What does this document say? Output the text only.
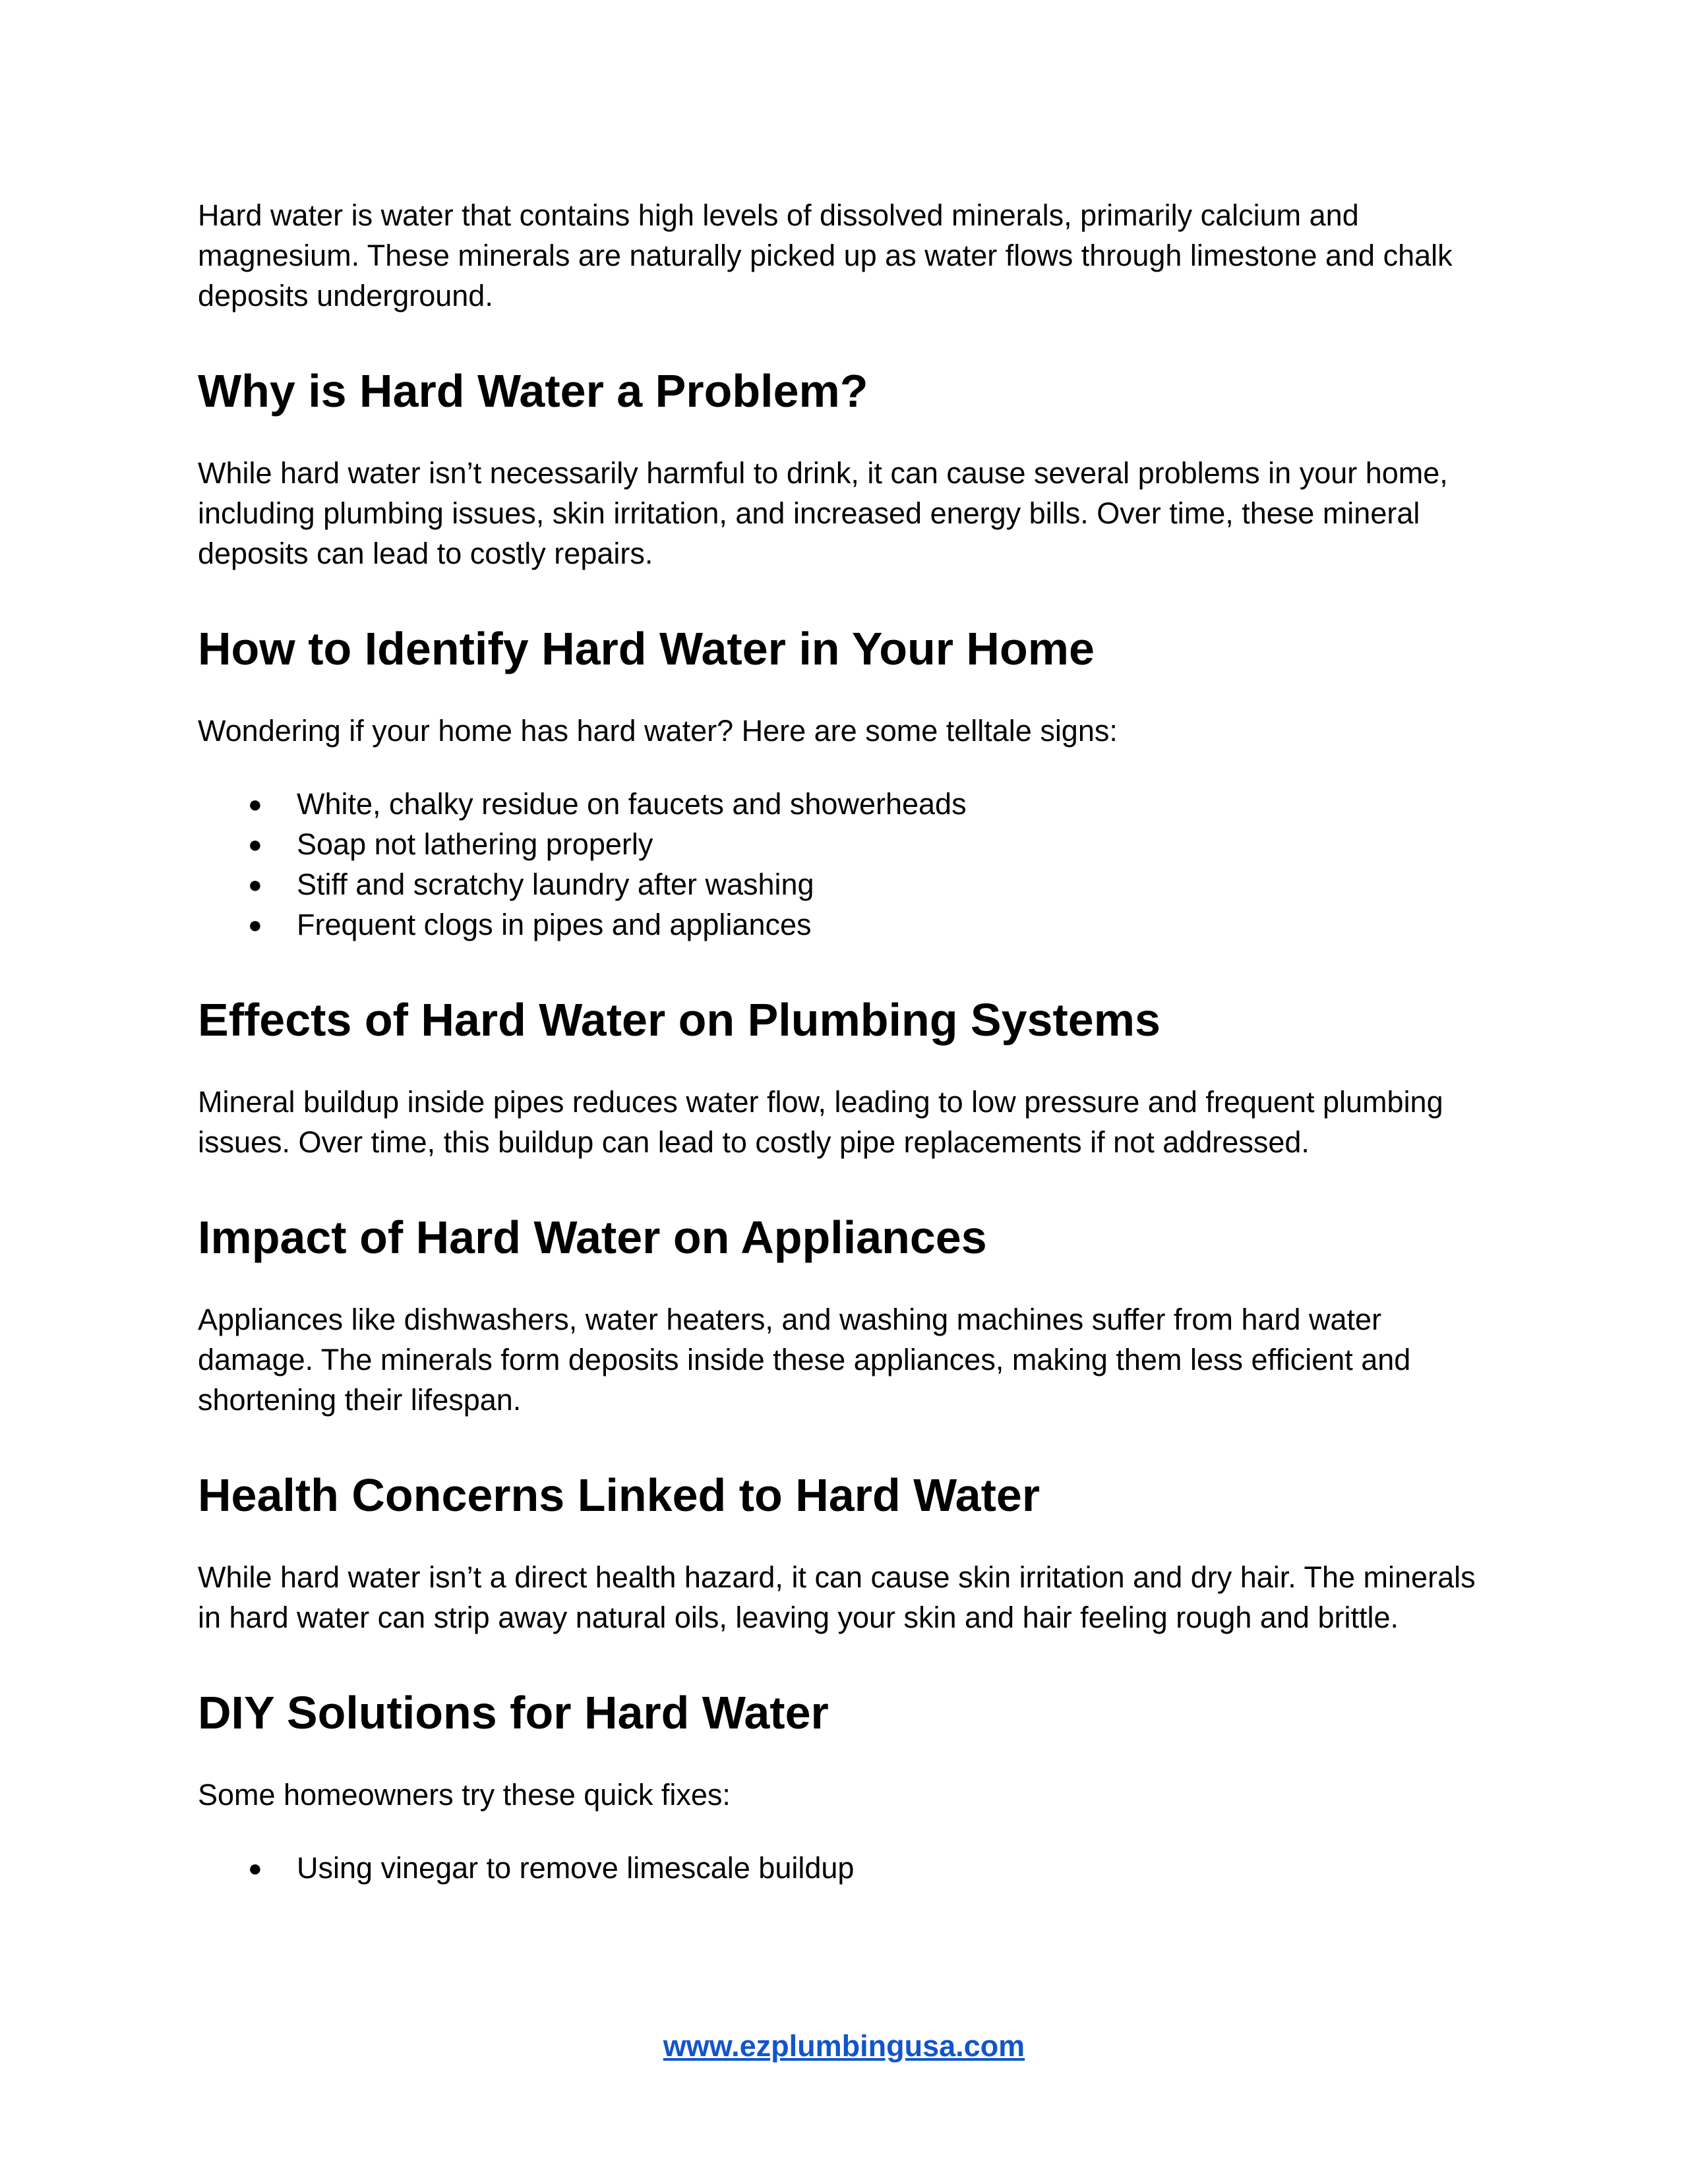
Hard water is water that contains high levels of dissolved minerals, primarily calcium and magnesium. These minerals are naturally picked up as water flows through limestone and chalk deposits underground.

Why is Hard Water a Problem?

While hard water isn’t necessarily harmful to drink, it can cause several problems in your home, including plumbing issues, skin irritation, and increased energy bills. Over time, these mineral deposits can lead to costly repairs.

How to Identify Hard Water in Your Home

Wondering if your home has hard water? Here are some telltale signs:

● White, chalky residue on faucets and showerheads
● Soap not lathering properly
● Stiff and scratchy laundry after washing
● Frequent clogs in pipes and appliances
Effects of Hard Water on Plumbing Systems

Mineral buildup inside pipes reduces water flow, leading to low pressure and frequent plumbing issues. Over time, this buildup can lead to costly pipe replacements if not addressed.

Impact of Hard Water on Appliances

Appliances like dishwashers, water heaters, and washing machines suffer from hard water damage. The minerals form deposits inside these appliances, making them less efficient and shortening their lifespan.

Health Concerns Linked to Hard Water

While hard water isn’t a direct health hazard, it can cause skin irritation and dry hair. The minerals in hard water can strip away natural oils, leaving your skin and hair feeling rough and brittle.

DIY Solutions for Hard Water

Some homeowners try these quick fixes:

● Using vinegar to remove limescale buildup
www.ezplumbingusa.com
